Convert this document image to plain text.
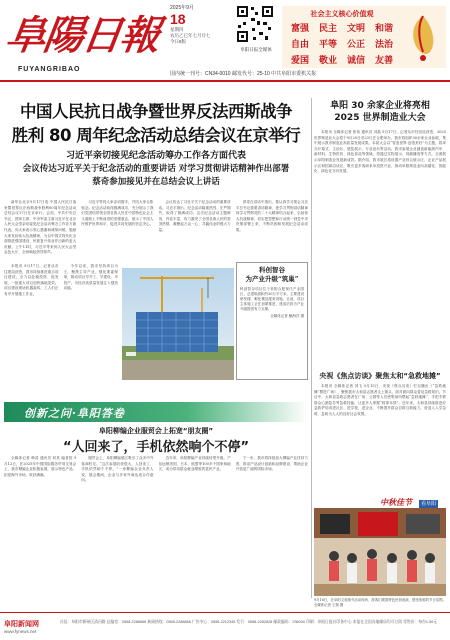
阜陽日報
FUYANGRIBAO
2025年9月
18
星期四
农历乙巳年七月廿七
今日8版
阜阳日报全媒体
国内统一刊号：CN34-0010 邮发代号：25-10 中共阜阳市委机关报
社会主义核心价值观
富强	民主	文明	和谐
自由	平等	公正	法治
爱国	敬业	诚信	友善
中国人民抗日战争暨世界反法西斯战争
胜利 80 周年纪念活动总结会议在京举行
习近平亲切接见纪念活动筹办工作各方面代表
会议传达习近平关于纪念活动的重要讲话 对学习贯彻讲话精神作出部署
蔡奇参加接见并在总结会议上讲话

新华社北京9月17日电 中国人民抗日战争暨世界反法西斯战争胜利80周年纪念活动总结会议17日在京举行。会前，中共中央总书记、国家主席、中央军委主席习近平在北京人民大会堂亲切接见纪念活动筹办工作各方面代表，向大家表示衷心感谢和诚挚问候，勉励大家发扬伟大抗战精神，为以中国式现代化全面推进强国建设、民族复兴伟业作出新的更大贡献。上午11时，习近平等来到人民大会堂金色大厅，全场响起热烈掌声。

习近平等同大家亲切握手，并同大家合影留念。纪念活动取得圆满成功，充分展示了我们党团结带领全国各族人民在中国特色社会主义道路上不断前进的坚强意志，展示了中国人民维护世界和平、促进共同发展的坚定决心。

会议传达了习近平关于纪念活动的重要讲话。习近平指出，纪念活动隆重热烈、庄严简约，取得了圆满成功。这次纪念活动主题鲜明、内容丰富，有力激发了全国各族人民的爱国热情，凝聚起万众一心、共襄伟业的强大力量。

蔡奇在讲话中指出，要认真学习领会习近平总书记重要讲话精神，把学习贯彻讲话精神同学习贯彻党的二十大精神结合起来，弘扬伟大抗战精神，切实把思想和行动统一到党中央决策部署上来，不断巩固和发展纪念活动成果。

本报讯 9月17日，记者从市住建局获悉，我市持续推进重点项目建设，全力以赴稳投资、促发展，一批重大项目加快落地见效。项目建设现场机器轰鸣，工人们正有序开展施工作业。

今年以来，我市坚持项目为王，聚焦主导产业，强化要素保障，推动项目早开工、早建设、早投产，为经济高质量发展注入强劲动能。

科创智谷
为产业升级“筑巢”
科创智谷项目位于阜阳合肥现代产业园区，总建筑面积约30万平方米，主要建设研发楼、孵化楼及配套设施。目前，项目主体施工正在加紧推进，建成后将为产业升级提供有力支撑。
全媒体记者 鲍海洋 摄
阜阳 30 余家企业将亮相
2025 世界制造业大会

本报讯 全媒体记者 张伟 通讯员 刘晶 9月17日，记者从市经信局获悉，2025世界制造业大会将于9月20日至23日在合肥举办，我市将组织30余家企业参展，集中展示我市制造业高质量发展成果。本届大会以“智造世界·创造美好”为主题，将举办开幕式、主论坛、展览展示、专业论坛等活动。我市参展企业涵盖新能源汽车、新材料、生物医药、绿色食品等领域，将通过实物展示、视频播放等方式，全面展示阜阳制造业发展新成效。据介绍，我市展区将设置产业综合展示区、企业产品展示区和招商洽谈区，吸引更多客商来阜投资兴业，推动阜阳制造业向高端化、智能化、绿色化方向发展。

央视《焦点访谈》聚焦太和“急救地摊”

本报讯 全媒体记者 刘飞 9月15日，央视《焦点访谈》栏目播出《“急救地摊”摆进广场》，聚焦我市太和县志愿者走上街头，面对面向群众普及急救知识。节目中，太和县急救志愿者在广场、公园等人员密集场所摆起“急救地摊”，手把手教群众心肺复苏等急救技能，让更多人掌握“救命本领”。近年来，太和县持续推进应急救护培训进社区、进学校、进企业，不断提升群众自救互救能力，营造人人学急救、急救为人人的良好社会氛围。

中秋佳节 看阜阳
9月16日，在阜阳文旅推介活动现场，游客们观看特色民俗表演，感受浓郁的节日氛围。全媒体记者 王瑞 摄
创新之问·阜阳答卷
阜阳柳编企业服贸会上拓宽“朋友圈”
“人回来了，手机依然响个不停”

全媒体记者 韩清 通讯员 何其 编者按 9月12日，在2025年中国国际服务贸易交易会上，我市柳编企业积极参展，展示特色产品，拓宽海外市场，收获满满。

服贸会上，阜阳柳编展区吸引了众多中外客商驻足。“这次参展收获很大，人回来了，手机依然响个不停。”一家柳编企业负责人说，展会期间，企业与多家外商达成合作意向。

近年来，阜阳柳编产业持续转型升级，产品远销美国、日本、欧盟等100多个国家和地区，成为带动群众就业增收的富民产业。

下一步，我市将持续加大柳编产业扶持力度，推动产品设计创新和品牌建设，帮助企业开拓更广阔的国际市场。

阜阳新闻网
www.fynews.net
社址：阜阳市颍州区清河路 总编室：0558-2286666 新闻热线：0558-2288866 广告中心：0558-2212345 发行：0558-2282828 邮政编码：236000 印刷：阜阳日报社印务中心 本报在全国各地邮局均可订阅 零售价：每份1.50元
